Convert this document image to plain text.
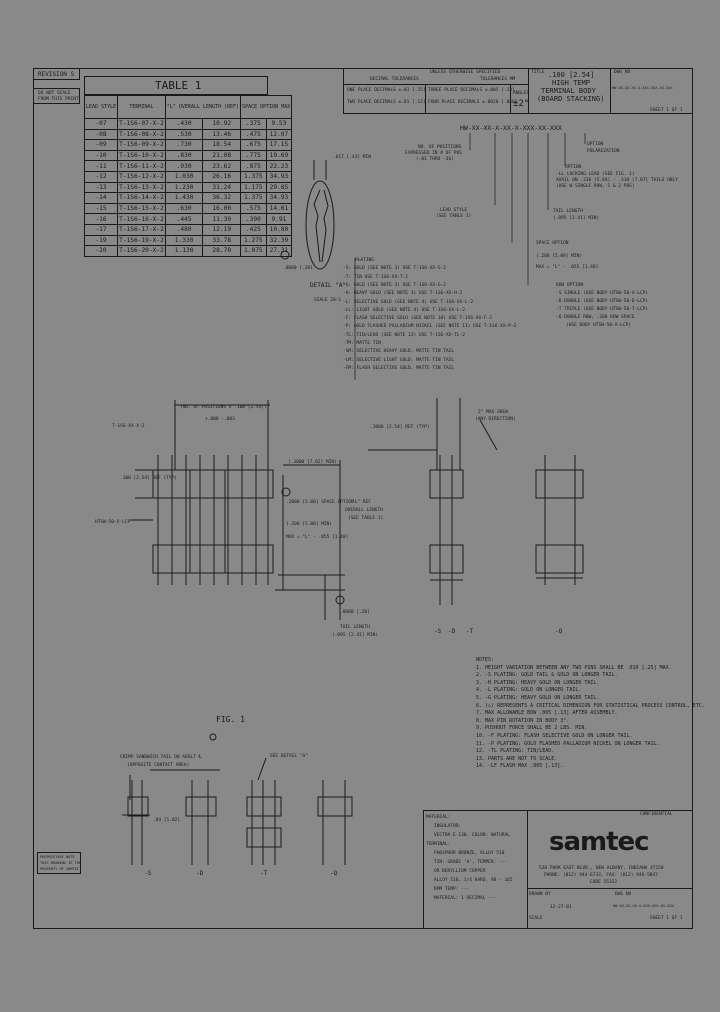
REVISION S
DO NOT SCALE
FROM THIS PRINT
TABLE 1
LEAD STYLE	TERMINAL	"L" OVERALL LENGTH (REF)		SPACE OPTION MAX	
-07	T-1S6-07-X-2	.430	10.92	.375	9.53
-08	T-1S6-08-X-2	.530	13.46	.475	12.07
-09	T-1S6-09-X-2	.730	18.54	.675	17.15
-10	T-1S6-10-X-2	.830	21.08	.775	19.69
-11	T-1S6-11-X-2	.930	23.62	.875	22.23
-12	T-1S6-12-X-2	1.030	26.16	1.375	34.93
-13	T-1S6-13-X-2	1.230	31.24	1.175	29.85
-14	T-1S6-14-X-2	1.430	36.32	1.375	34.93
-15	T-1S6-15-X-2	.630	16.00	.575	14.61
-16	T-1S6-16-X-2	.445	11.30	.390	9.91
-17	T-1S6-17-X-2	.480	12.19	.425	10.80
-19	T-1S6-19-X-2	1.330	33.78	1.275	32.39
-20	T-1S6-20-X-2	1.130	28.70	1.075	27.31
UNLESS OTHERWISE SPECIFIED
DECIMAL TOLERANCES	TOLERANCES MM
ONE PLACE DECIMALS ±.01 [.25]
TWO PLACE DECIMALS ±.01 [.13]
THREE PLACE DECIMALS ±.005 [.13]
FOUR PLACE DECIMALS ±.0020 [.050]
ANGLES
±2°
TITLE .100 [2.54]
HIGH TEMP
TERMINAL BODY
(BOARD STACKING)
DWG NO
HW-XX-XX-XX-X-XXX-XXX-XX-XXX
SHEET 1 OF 1
HW-XX-XX-X-XX-X-XXX-XX-XXX
NO. OF POSITIONS
EXPRESSED IN # OF POS
(-01 THRU -36)
OPTION
POLARIZATION
OPTION
-LL LOCKING LEAD (SEE FIG. 1)
AVAIL ON .230 [5.84] - .310 [7.87] TAILS ONLY
(USE W SINGLE ROW, 1 & 2 POS)
TAIL LENGTH
(.095 [2.41] MIN)
LEAD STYLE
(SEE TABLE 1)
SPACE OPTION
(.200 [5.08] MIN)
MAX = "L" - .055 [1.40]
ROW OPTION
-S SINGLE (USE BODY HTSW-50-X-LCP)
-D DOUBLE (USE BODY HTSW-50-D-LCP)
-T TRIPLE (USE BODY HTSW-50-T-LCP)
-Q DOUBLE ROW, .200 ROW SPACE
(USE BODY HTSW-50-X-LCP)
PLATING
-S: GOLD (SEE NOTE 3) USE T-1S6-XX-S-2
-T: TIN USE T-1S6-XX-T-2
-G: GOLD (SEE NOTE 3) USE T-1S6-XX-G-2
-H: HEAVY GOLD (SEE NOTE 3) USE T-1S6-XX-H-2
-L: SELECTIVE GOLD (SEE NOTE 4) USE T-1S6-XX-L-2
-LL: LIGHT GOLD (SEE NOTE 4) USE T-1S6-XX-L-2
-F: FLASH SELECTIVE GOLD (SEE NOTE 10) USE T-1S6-XX-F-2
-P: GOLD FLASHED PALLADIUM NICKEL (SEE NOTE 11) USE T-1S6-XX-P-2
-TL: TIN/LEAD (SEE NOTE 12) USE T-1S6-XX-TL-2
-TM: MATTE TIN
-SM: SELECTIVE HEAVY GOLD, MATTE TIN TAIL
-LM: SELECTIVE LIGHT GOLD, MATTE TIN TAIL
-FM: FLASH SELECTIVE GOLD, MATTE TIN TAIL
.017 [.43] MIN
DETAIL "A"
SCALE 20:1
.0080 [.20]
(NO. OF POSITIONS x .100 [2.54])
+.008 -.003
T-1S6-XX-X-2
.100 [2.54] REF (TYP)
HTSW-50-X-LCP
(.3000 [7.62] MIN)
.2000 [5.08] SPACE OPTION
(.200 [5.08] MIN)
MAX = "L" - .055 [1.40]
"L" REF
OVERALL LENGTH
(SEE TABLE 1)
.0080 [.20]
TAIL LENGTH
(.095 [2.41] MIN)
.1000 [2.54] REF (TYP)
2° MAX SKEW
(ANY DIRECTION)
-S -D -T	-Q
FIG. 1
CRIMP SANDWICH TAIL ON ADULT ℄
(OPPOSITE CONTACT AREA)
SEE DETAIL "A"
.04 [1.02]
-S	-D	-T	-Q
PROPRIETARY NOTE
THIS DRAWING IS THE
PROPERTY OF SAMTEC
NOTES:
1. HEIGHT VARIATION BETWEEN ANY TWO PINS SHALL BE .010 [.25] MAX.
2. -S PLATING: GOLD TAIL & GOLD ON LONGER TAIL.
3. -H PLATING: HEAVY GOLD ON LONGER TAIL.
4. -L PLATING: GOLD ON LONGER TAIL.
5. -G PLATING: HEAVY GOLD ON LONGER TAIL.
6. (◇) REPRESENTS A CRITICAL DIMENSION FOR STATISTICAL PROCESS CONTROL, ETC.
7. MAX ALLOWABLE BOW .005 [.13] AFTER ASSEMBLY.
8. MAX PIN ROTATION IN BODY 3°.
9. PUSHOUT FORCE SHALL BE 2 LBS. MIN.
10. -F PLATING: FLASH SELECTIVE GOLD ON LONGER TAIL.
11. -P PLATING: GOLD FLASHED PALLADIUM NICKEL ON LONGER TAIL.
12. -TL PLATING: TIN/LEAD.
13. PARTS ARE NOT TO SCALE.
14. -LF FLASH MAX .005 [.13].
MATERIAL:
INSULATOR:
VECTRA E-130, COLOR: NATURAL
TERMINAL:
PHOSPHOR BRONZE, ALLOY 510
TIN: GRADE 'A', TEMPER: ---
OR BERYLLIUM COPPER
ALLOY 510, 1/4 HARD, 98 - 165
RPM TEMP: ---
MATERIAL: 1 DECIMAL ---
CONFIDENTIAL
samtec
520 PARK EAST BLVD., NEW ALBANY, INDIANA 47150
PHONE: (812) 944-6733, FAX: (812) 948-5047
CODE 55322
DRAWN BY
12-27-01
DWG NO
HW-XX-XX-XX-X-XXX-XXX-XX-XXX
SHEET 1 OF 1
SCALE
